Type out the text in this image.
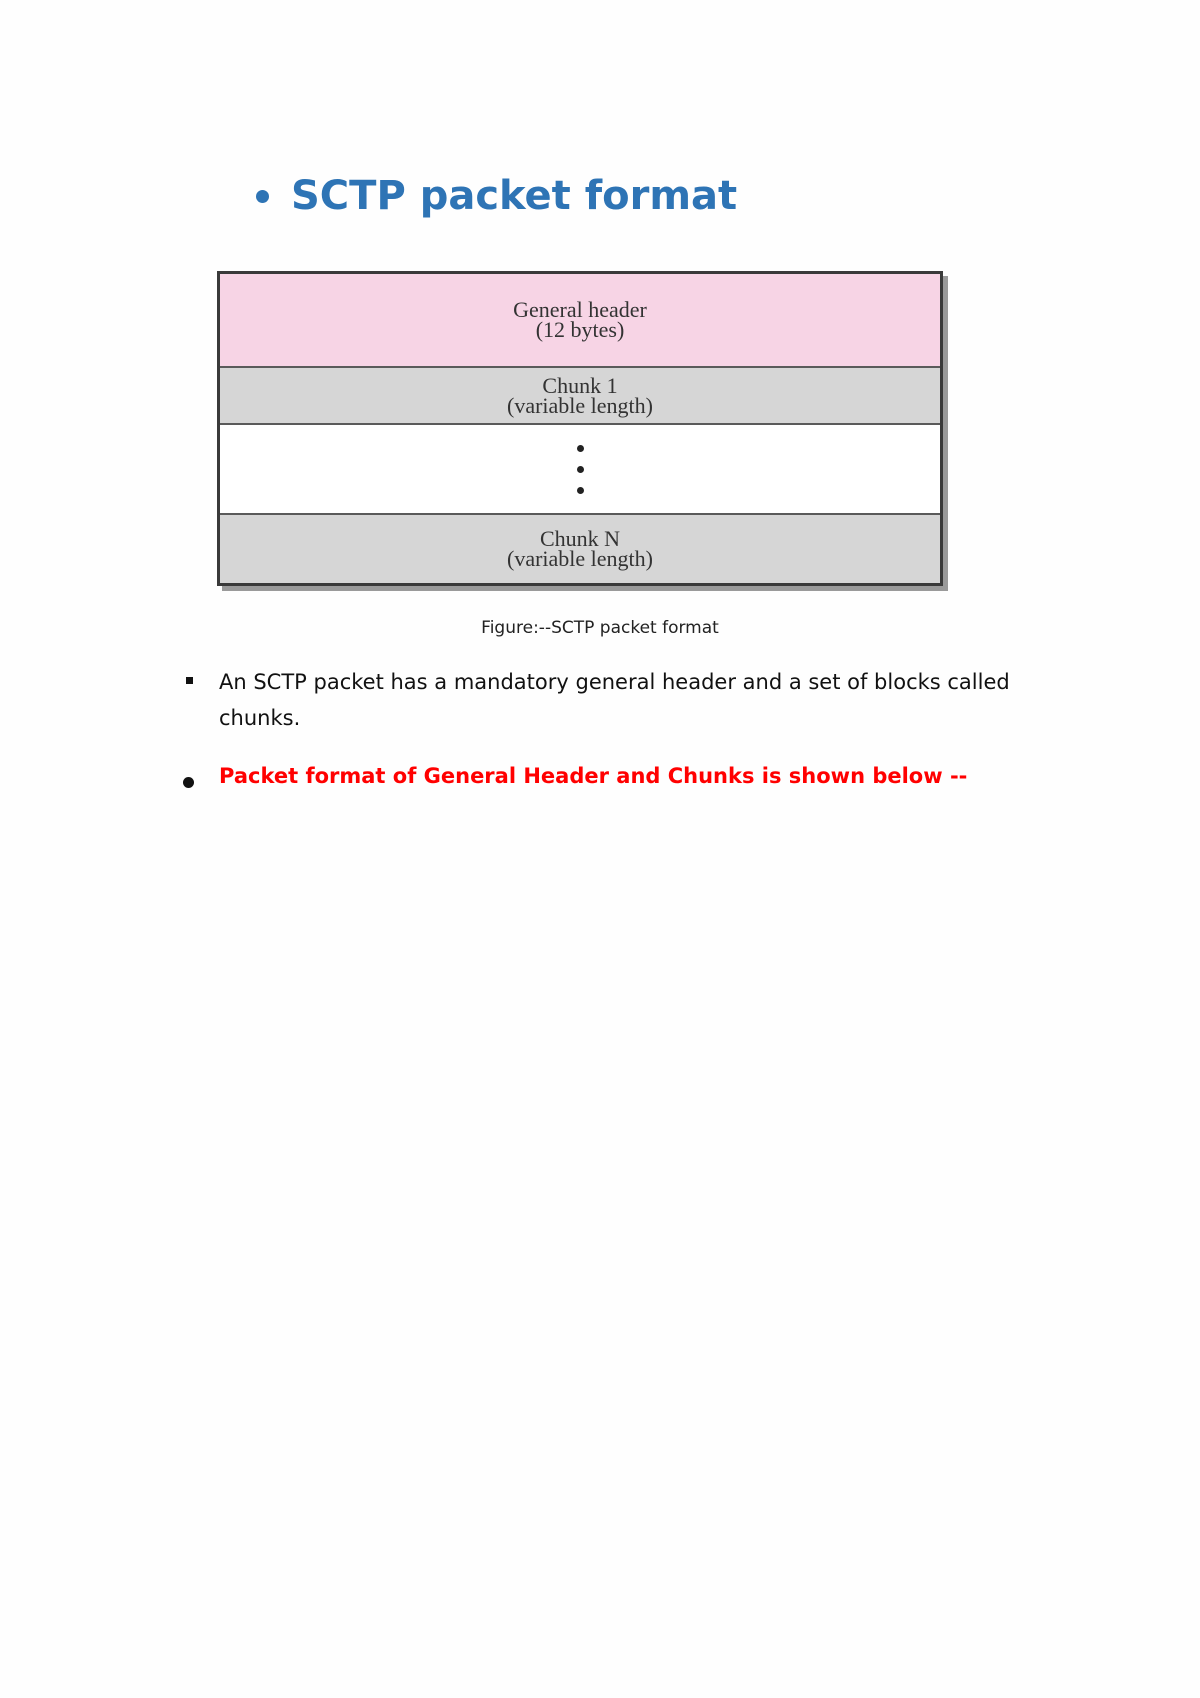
SCTP packet format
General header
(12 bytes)
Chunk 1
(variable length)
Chunk N
(variable length)
Figure:--SCTP packet format
An SCTP packet has a mandatory general header and a set of blocks called chunks.
Packet format of General Header and Chunks is shown below --
